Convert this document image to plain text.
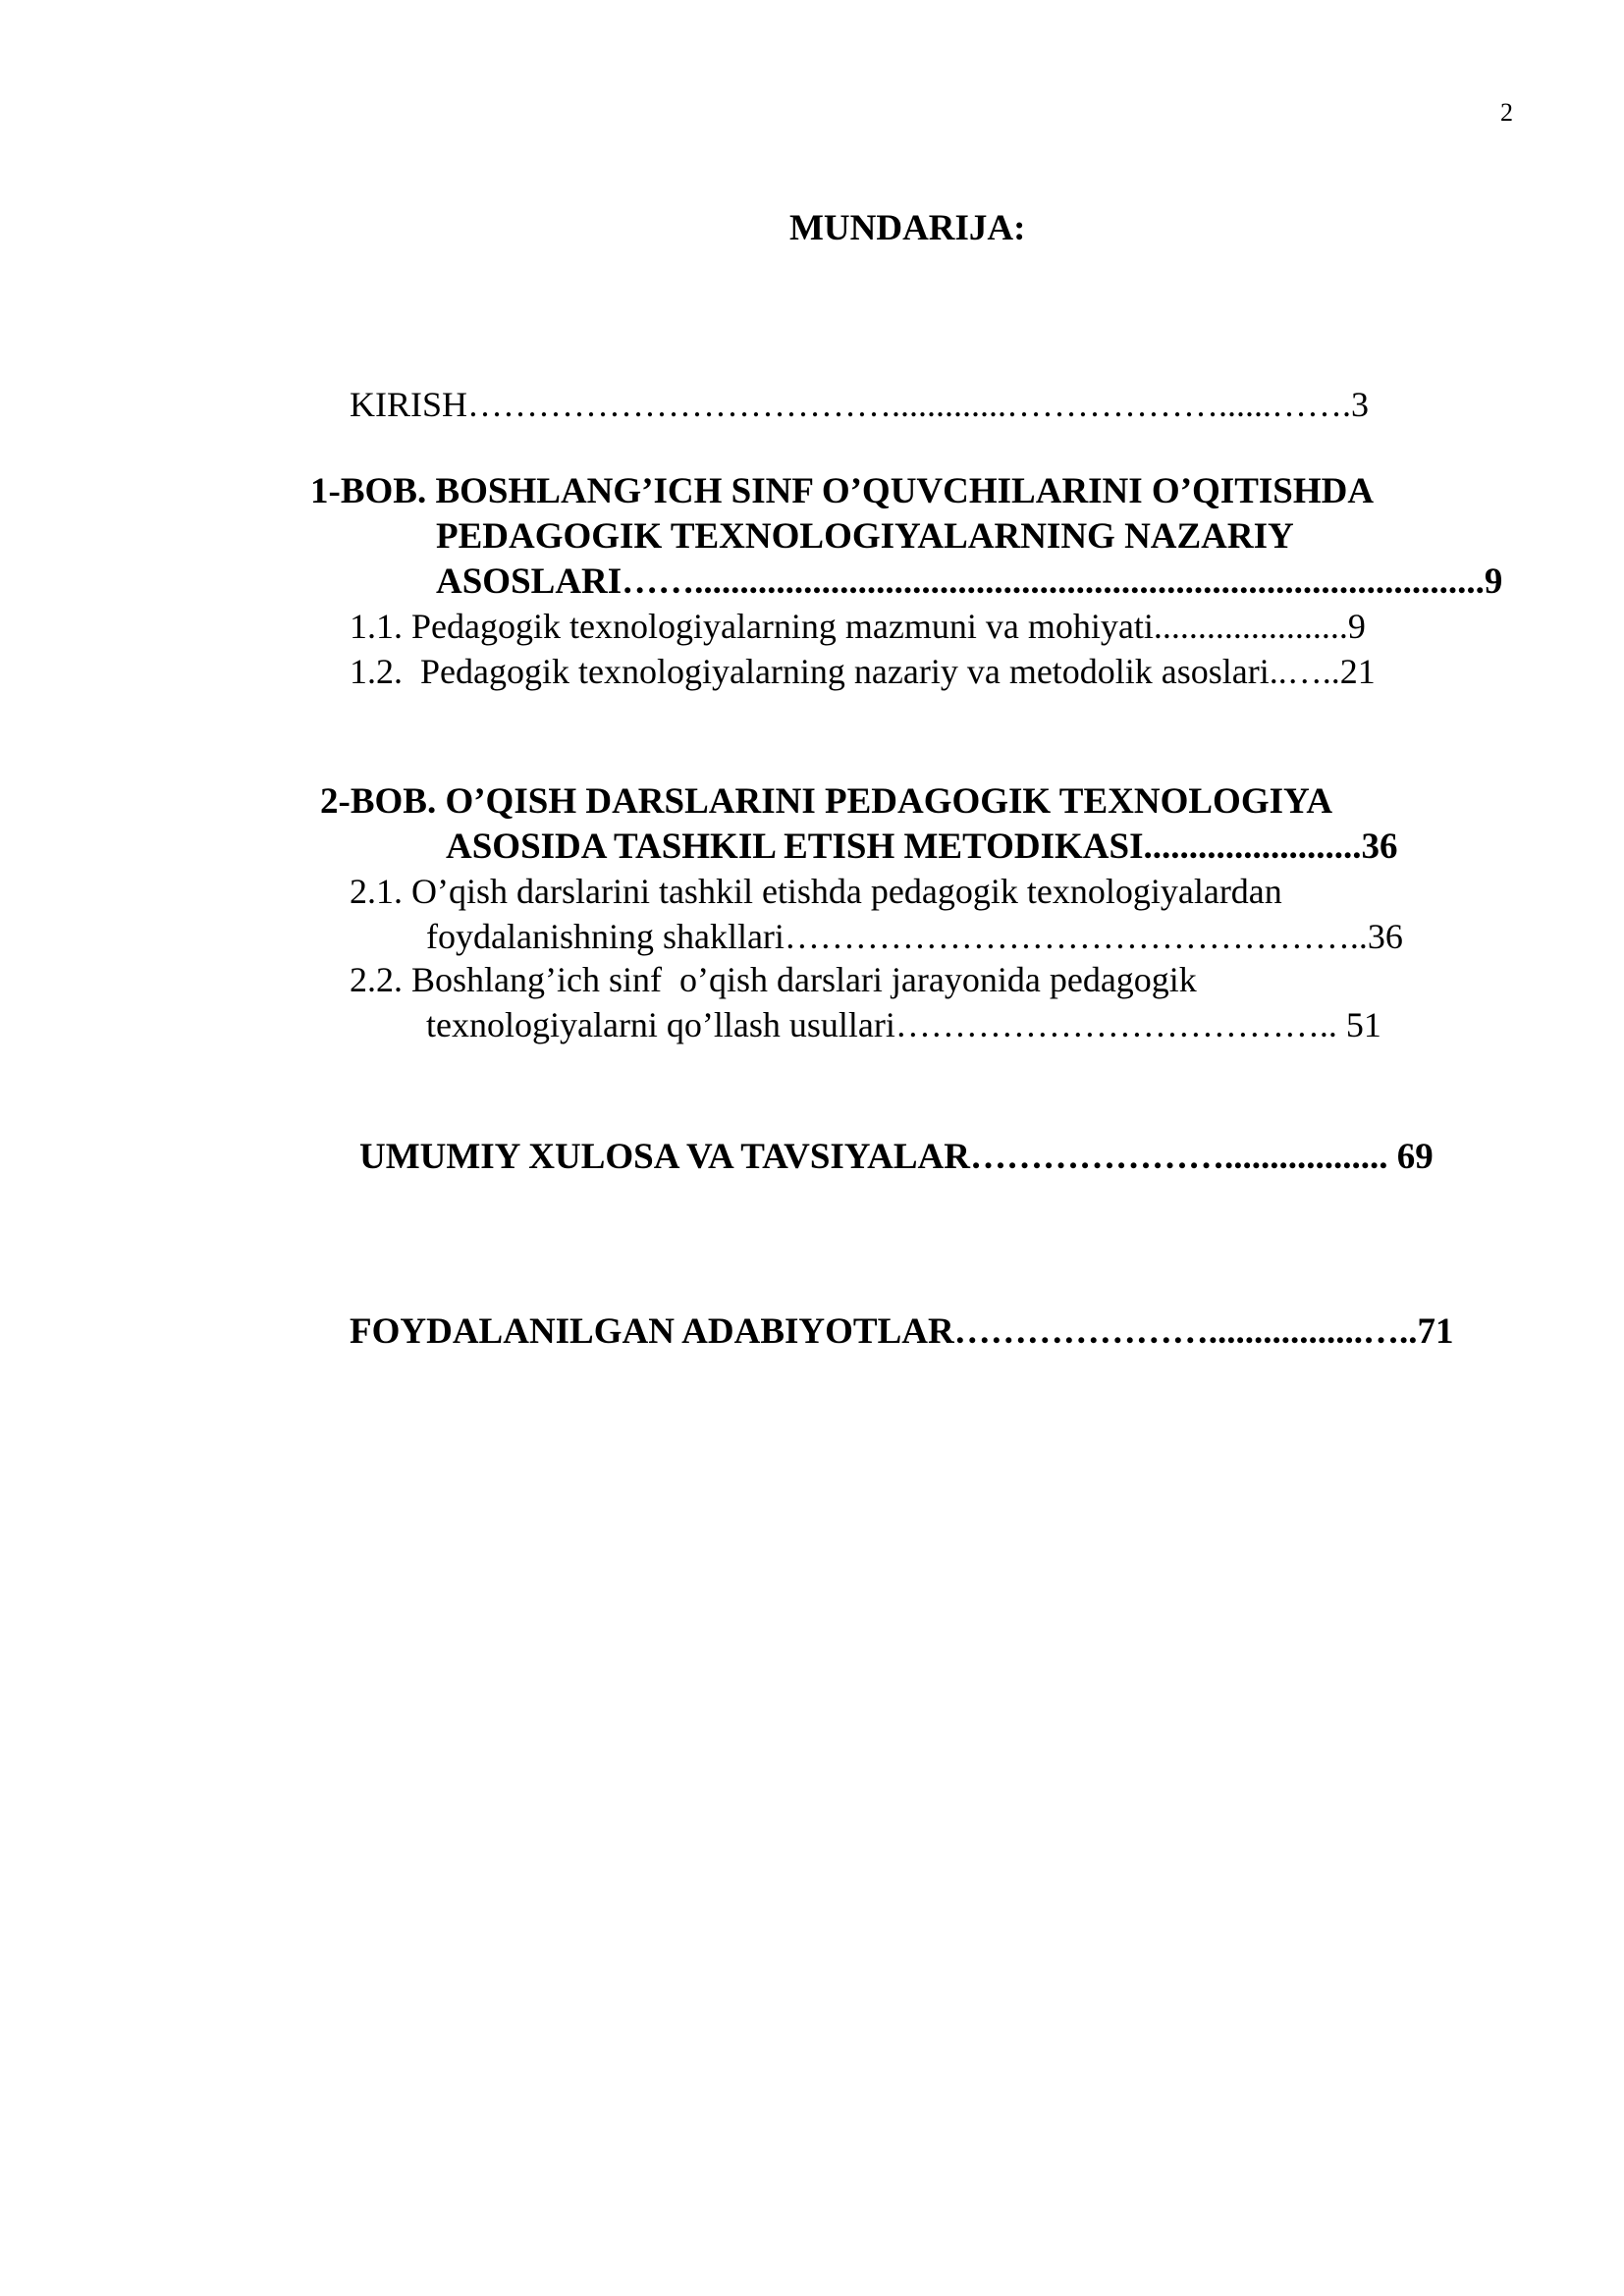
2
MUNDARIJA:
KIRISH……………………………….............………………......…….3
1-BOB. BOSHLANG’ICH SINF O’QUVCHILARINI O’QITISHDA
PEDAGOGIK TEXNOLOGIYALARNING NAZARIY
ASOSLARI…….......................................................................................9
1.1. Pedagogik texnologiyalarning mazmuni va mohiyati......................9
1.2.  Pedagogik texnologiyalarning nazariy va metodolik asoslari..…..21
2-BOB. O’QISH DARSLARINI PEDAGOGIK TEXNOLOGIYA
ASOSIDA TASHKIL ETISH METODIKASI........................36
2.1. O’qish darslarini tashkil etishda pedagogik texnologiyalardan
foydalanishning shakllari…………………………………………..36
2.2. Boshlang’ich sinf  o’qish darslari jarayonida pedagogik
texnologiyalarni qo’llash usullari……………………………….. 51
UMUMIY XULOSA VA TAVSIYALAR………………….................. 69
FOYDALANILGAN ADABIYOTLAR………………….................…..71
